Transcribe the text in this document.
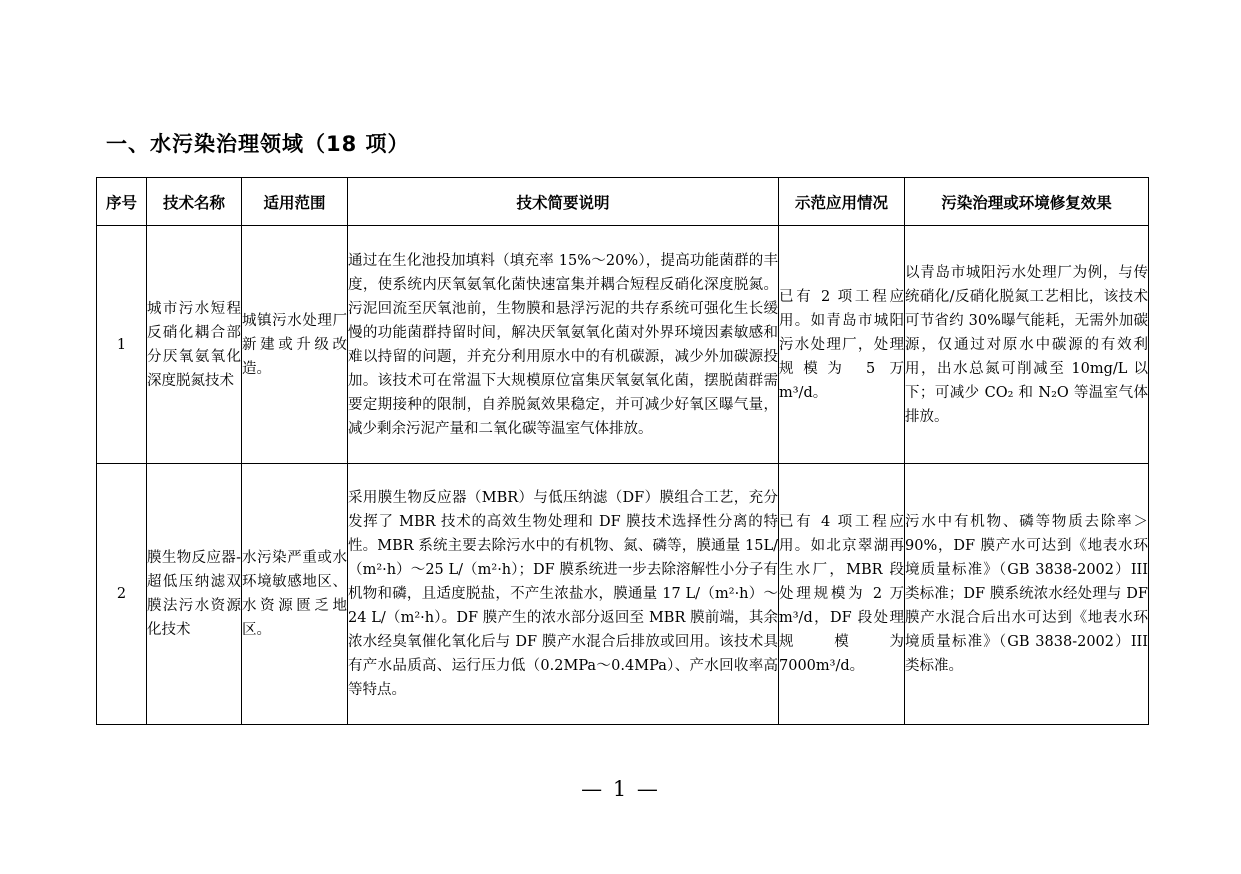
一、水污染治理领域（18 项）
序号	技术名称	适用范围	技术简要说明	示范应用情况	污染治理或环境修复效果
1	城市污水短程反硝化耦合部分厌氧氨氧化深度脱氮技术	城镇污水处理厂新建或升级改造。	通过在生化池投加填料（填充率 15%～20%），提高功能菌群的丰度，使系统内厌氧氨氧化菌快速富集并耦合短程反硝化深度脱氮。污泥回流至厌氧池前，生物膜和悬浮污泥的共存系统可强化生长缓慢的功能菌群持留时间，解决厌氧氨氧化菌对外界环境因素敏感和难以持留的问题，并充分利用原水中的有机碳源，减少外加碳源投加。该技术可在常温下大规模原位富集厌氧氨氧化菌，摆脱菌群需要定期接种的限制，自养脱氮效果稳定，并可减少好氧区曝气量，减少剩余污泥产量和二氧化碳等温室气体排放。	已有 2 项工程应用。如青岛市城阳污水处理厂，处理规模为 5 万 m³/d。	以青岛市城阳污水处理厂为例，与传统硝化/反硝化脱氮工艺相比，该技术可节省约 30%曝气能耗，无需外加碳源，仅通过对原水中碳源的有效利用，出水总氮可削减至 10mg/L 以下；可减少 CO₂ 和 N₂O 等温室气体排放。

2	膜生物反应器-超低压纳滤双膜法污水资源化技术	水污染严重或水环境敏感地区、水资源匮乏地区。	采用膜生物反应器（MBR）与低压纳滤（DF）膜组合工艺，充分发挥了 MBR 技术的高效生物处理和 DF 膜技术选择性分离的特性。MBR 系统主要去除污水中的有机物、氮、磷等，膜通量 15L/（m²·h）～25 L/（m²·h）；DF 膜系统进一步去除溶解性小分子有机物和磷，且适度脱盐，不产生浓盐水，膜通量 17 L/（m²·h）～24 L/（m²·h）。DF 膜产生的浓水部分返回至 MBR 膜前端，其余浓水经臭氧催化氧化后与 DF 膜产水混合后排放或回用。该技术具有产水品质高、运行压力低（0.2MPa～0.4MPa）、产水回收率高等特点。	已有 4 项工程应用。如北京翠湖再生水厂，MBR 段处理规模为 2 万 m³/d，DF 段处理规模为 7000m³/d。	污水中有机物、磷等物质去除率＞90%，DF 膜产水可达到《地表水环境质量标准》（GB 3838-2002）III 类标准；DF 膜系统浓水经处理与 DF 膜产水混合后出水可达到《地表水环境质量标准》（GB 3838-2002）III 类标准。
— 1 —
